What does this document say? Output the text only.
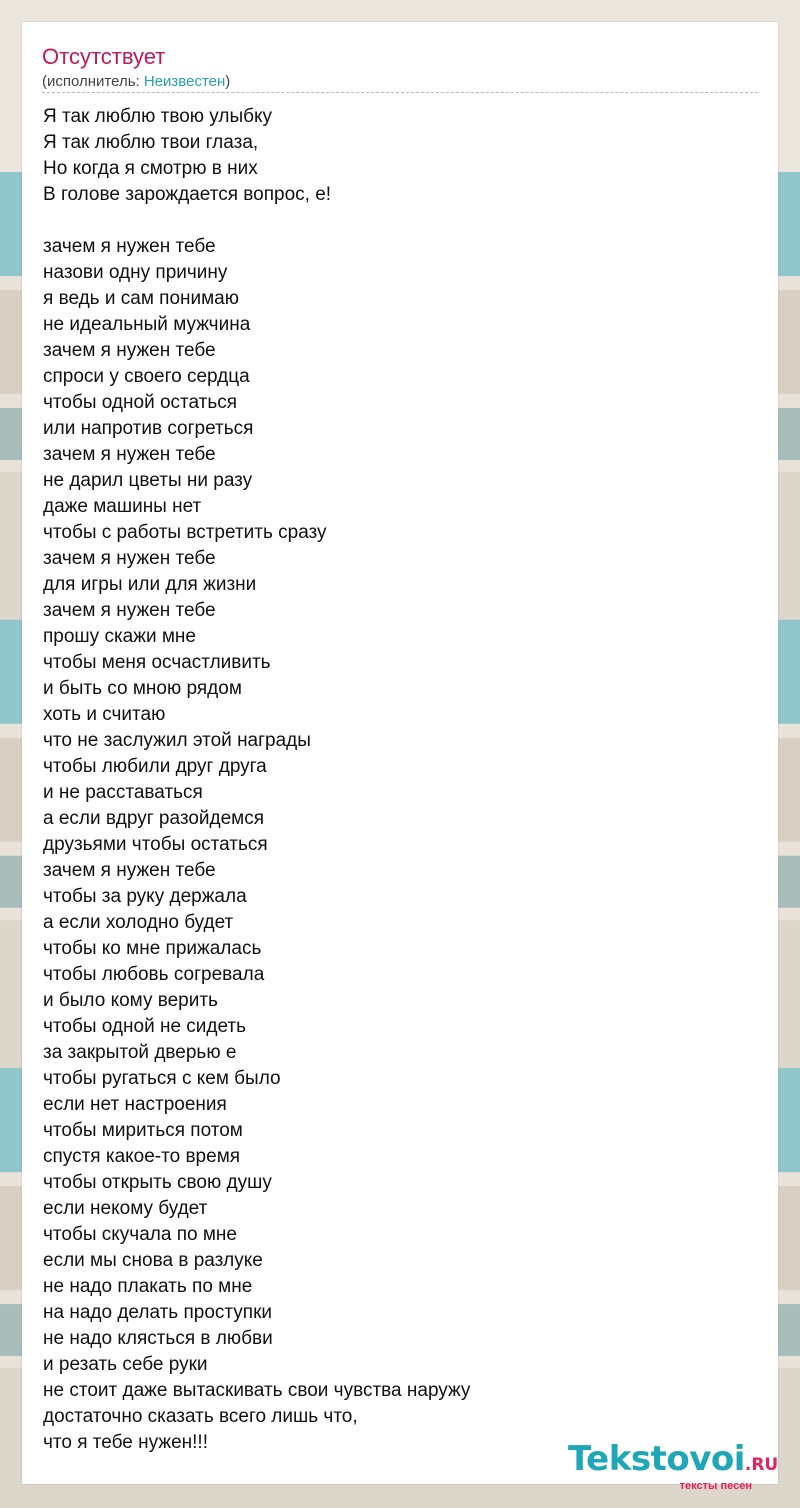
Отсутствует
(исполнитель: Неизвестен)
Я так люблю твою улыбку
Я так люблю твои глаза,
Но когда я смотрю в них
В голове зарождается вопрос, е!

зачем я нужен тебе
назови одну причину
я ведь и сам понимаю
не идеальный мужчина
зачем я нужен тебе
спроси у своего сердца
чтобы одной остаться
или напротив согреться
зачем я нужен тебе
не дарил цветы ни разу
даже машины нет
чтобы с работы встретить сразу
зачем я нужен тебе
для игры или для жизни
зачем я нужен тебе
прошу скажи мне
чтобы меня осчастливить
и быть со мною рядом
хоть и считаю
что не заслужил этой награды
чтобы любили друг друга
и не расставаться
а если вдруг разойдемся
друзьями чтобы остаться
зачем я нужен тебе
чтобы за руку держала
а если холодно будет
чтобы ко мне прижалась
чтобы любовь согревала
и было кому верить
чтобы одной не сидеть
за закрытой дверью е
чтобы ругаться с кем было
если нет настроения
чтобы мириться потом
спустя какое-то время
чтобы открыть свою душу
если некому будет
чтобы скучала по мне
если мы снова в разлуке
не надо плакать по мне
на надо делать проступки
не надо клясться в любви
и резать себе руки
не стоит даже вытаскивать свои чувства наружу
достаточно сказать всего лишь что,
что я тебе нужен!!!	Tekstovoi.RU
тексты песен
